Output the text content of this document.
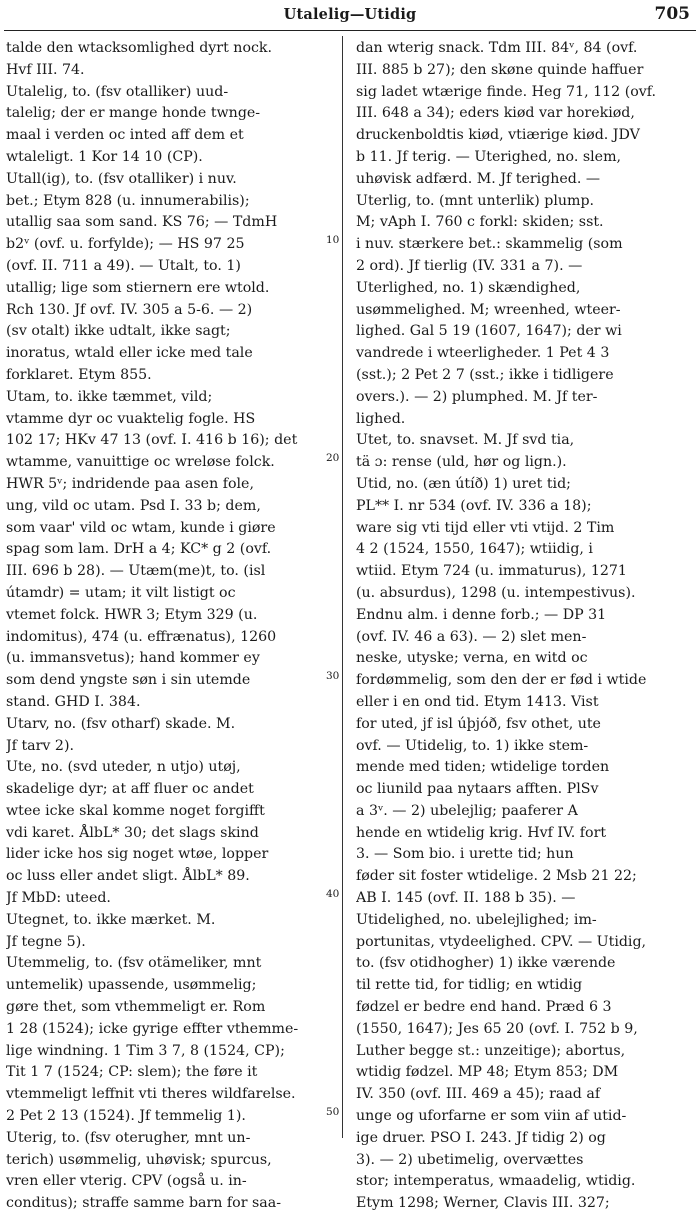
Utalelig—Utidig	705
talde den wtacksomlighed dyrt nock.
Hvf III. 74.
Utalelig, to. (fsv otalliker) uud-
talelig; der er mange honde twnge-
maal i verden oc inted aff dem et
wtaleligt. 1 Kor 14 10 (CP).
Utall(ig), to. (fsv otalliker) i nuv.
bet.; Etym 828 (u. innumerabilis);
utallig saa som sand. KS 76; — TdmH
b2ᵛ (ovf. u. forfylde); — HS 97 25
(ovf. II. 711 a 49). — Utalt, to. 1)
utallig; lige som stiernern ere wtold.
Rch 130. Jf ovf. IV. 305 a 5-6. — 2)
(sv otalt) ikke udtalt, ikke sagt;
inoratus, wtald eller icke med tale
forklaret. Etym 855.
Utam, to. ikke tæmmet, vild;
vtamme dyr oc vuaktelig fogle. HS
102 17; HKv 47 13 (ovf. I. 416 b 16); det
wtamme, vanuittige oc wreløse folck.
HWR 5ᵛ; indridende paa asen fole,
ung, vild oc utam. Psd I. 33 b; dem,
som vaar' vild oc wtam, kunde i giøre
spag som lam. DrH a 4; KC* g 2 (ovf.
III. 696 b 28). — Utæm(me)t, to. (isl
útamdr) = utam; it vilt listigt oc
vtemet folck. HWR 3; Etym 329 (u.
indomitus), 474 (u. effrænatus), 1260
(u. immansvetus); hand kommer ey
som dend yngste søn i sin utemde
stand. GHD I. 384.
Utarv, no. (fsv otharf) skade. M.
Jf tarv 2).
Ute, no. (svd uteder, n utjo) utøj,
skadelige dyr; at aff fluer oc andet
wtee icke skal komme noget forgifft
vdi karet. ÅlbL* 30; det slags skind
lider icke hos sig noget wtøe, lopper
oc luss eller andet sligt. ÅlbL* 89.
Jf MbD: uteed.
Utegnet, to. ikke mærket. M.
Jf tegne 5).
Utemmelig, to. (fsv otämeliker, mnt
untemelik) upassende, usømmelig;
gøre thet, som vthemmeligt er. Rom
1 28 (1524); icke gyrige effter vthemme-
lige windning. 1 Tim 3 7, 8 (1524, CP);
Tit 1 7 (1524; CP: slem); the føre it
vtemmeligt leffnit vti theres wildfarelse.
2 Pet 2 13 (1524). Jf temmelig 1).
Uterig, to. (fsv oterugher, mnt un-
terich) usømmelig, uhøvisk; spurcus,
vren eller vterig. CPV (også u. in-
conditus); straffe samme barn for saa-
dan wterig snack. Tdm III. 84ᵛ, 84 (ovf.
III. 885 b 27); den skøne quinde haffuer
sig ladet wtærige finde. Heg 71, 112 (ovf.
III. 648 a 34); eders kiød var horekiød,
druckenboldtis kiød, vtiærige kiød. JDV
b 11. Jf terig. — Uterighed, no. slem,
uhøvisk adfærd. M. Jf terighed. —
Uterlig, to. (mnt unterlik) plump.
M; vAph I. 760 c forkl: skiden; sst.
i nuv. stærkere bet.: skammelig (som
2 ord). Jf tierlig (IV. 331 a 7). —
Uterlighed, no. 1) skændighed,
usømmelighed. M; wreenhed, wteer-
lighed. Gal 5 19 (1607, 1647); der wi
vandrede i wteerligheder. 1 Pet 4 3
(sst.); 2 Pet 2 7 (sst.; ikke i tidligere
overs.). — 2) plumphed. M. Jf ter-
lighed.
Utet, to. snavset. M. Jf svd tia,
tä ɔ: rense (uld, hør og lign.).
Utid, no. (æn útíð) 1) uret tid;
PL** I. nr 534 (ovf. IV. 336 a 18);
ware sig vti tijd eller vti vtijd. 2 Tim
4 2 (1524, 1550, 1647); wtiidig, i
wtiid. Etym 724 (u. immaturus), 1271
(u. absurdus), 1298 (u. intempestivus).
Endnu alm. i denne forb.; — DP 31
(ovf. IV. 46 a 63). — 2) slet men-
neske, utyske; verna, en witd oc
fordømmelig, som den der er fød i wtide
eller i en ond tid. Etym 1413. Vist
for uted, jf isl úþjóð, fsv othet, ute
ovf. — Utidelig, to. 1) ikke stem-
mende med tiden; wtidelige torden
oc liunild paa nytaars afften. PlSv
a 3ᵛ. — 2) ubelejlig; paaferer A
hende en wtidelig krig. Hvf IV. fort
3. — Som bio. i urette tid; hun
føder sit foster wtidelige. 2 Msb 21 22;
AB I. 145 (ovf. II. 188 b 35). —
Utidelighed, no. ubelejlighed; im-
portunitas, vtydeelighed. CPV. — Utidig,
to. (fsv otidhogher) 1) ikke værende
til rette tid, for tidlig; en wtidig
fødzel er bedre end hand. Præd 6 3
(1550, 1647); Jes 65 20 (ovf. I. 752 b 9,
Luther begge st.: unzeitige); abortus,
wtidig fødzel. MP 48; Etym 853; DM
IV. 350 (ovf. III. 469 a 45); raad af
unge og uforfarne er som viin af utid-
ige druer. PSO I. 243. Jf tidig 2) og
3). — 2) ubetimelig, overvættes
stor; intemperatus, wmaadelig, wtidig.
Etym 1298; Werner, Clavis III. 327;
10
20
30
40
50
